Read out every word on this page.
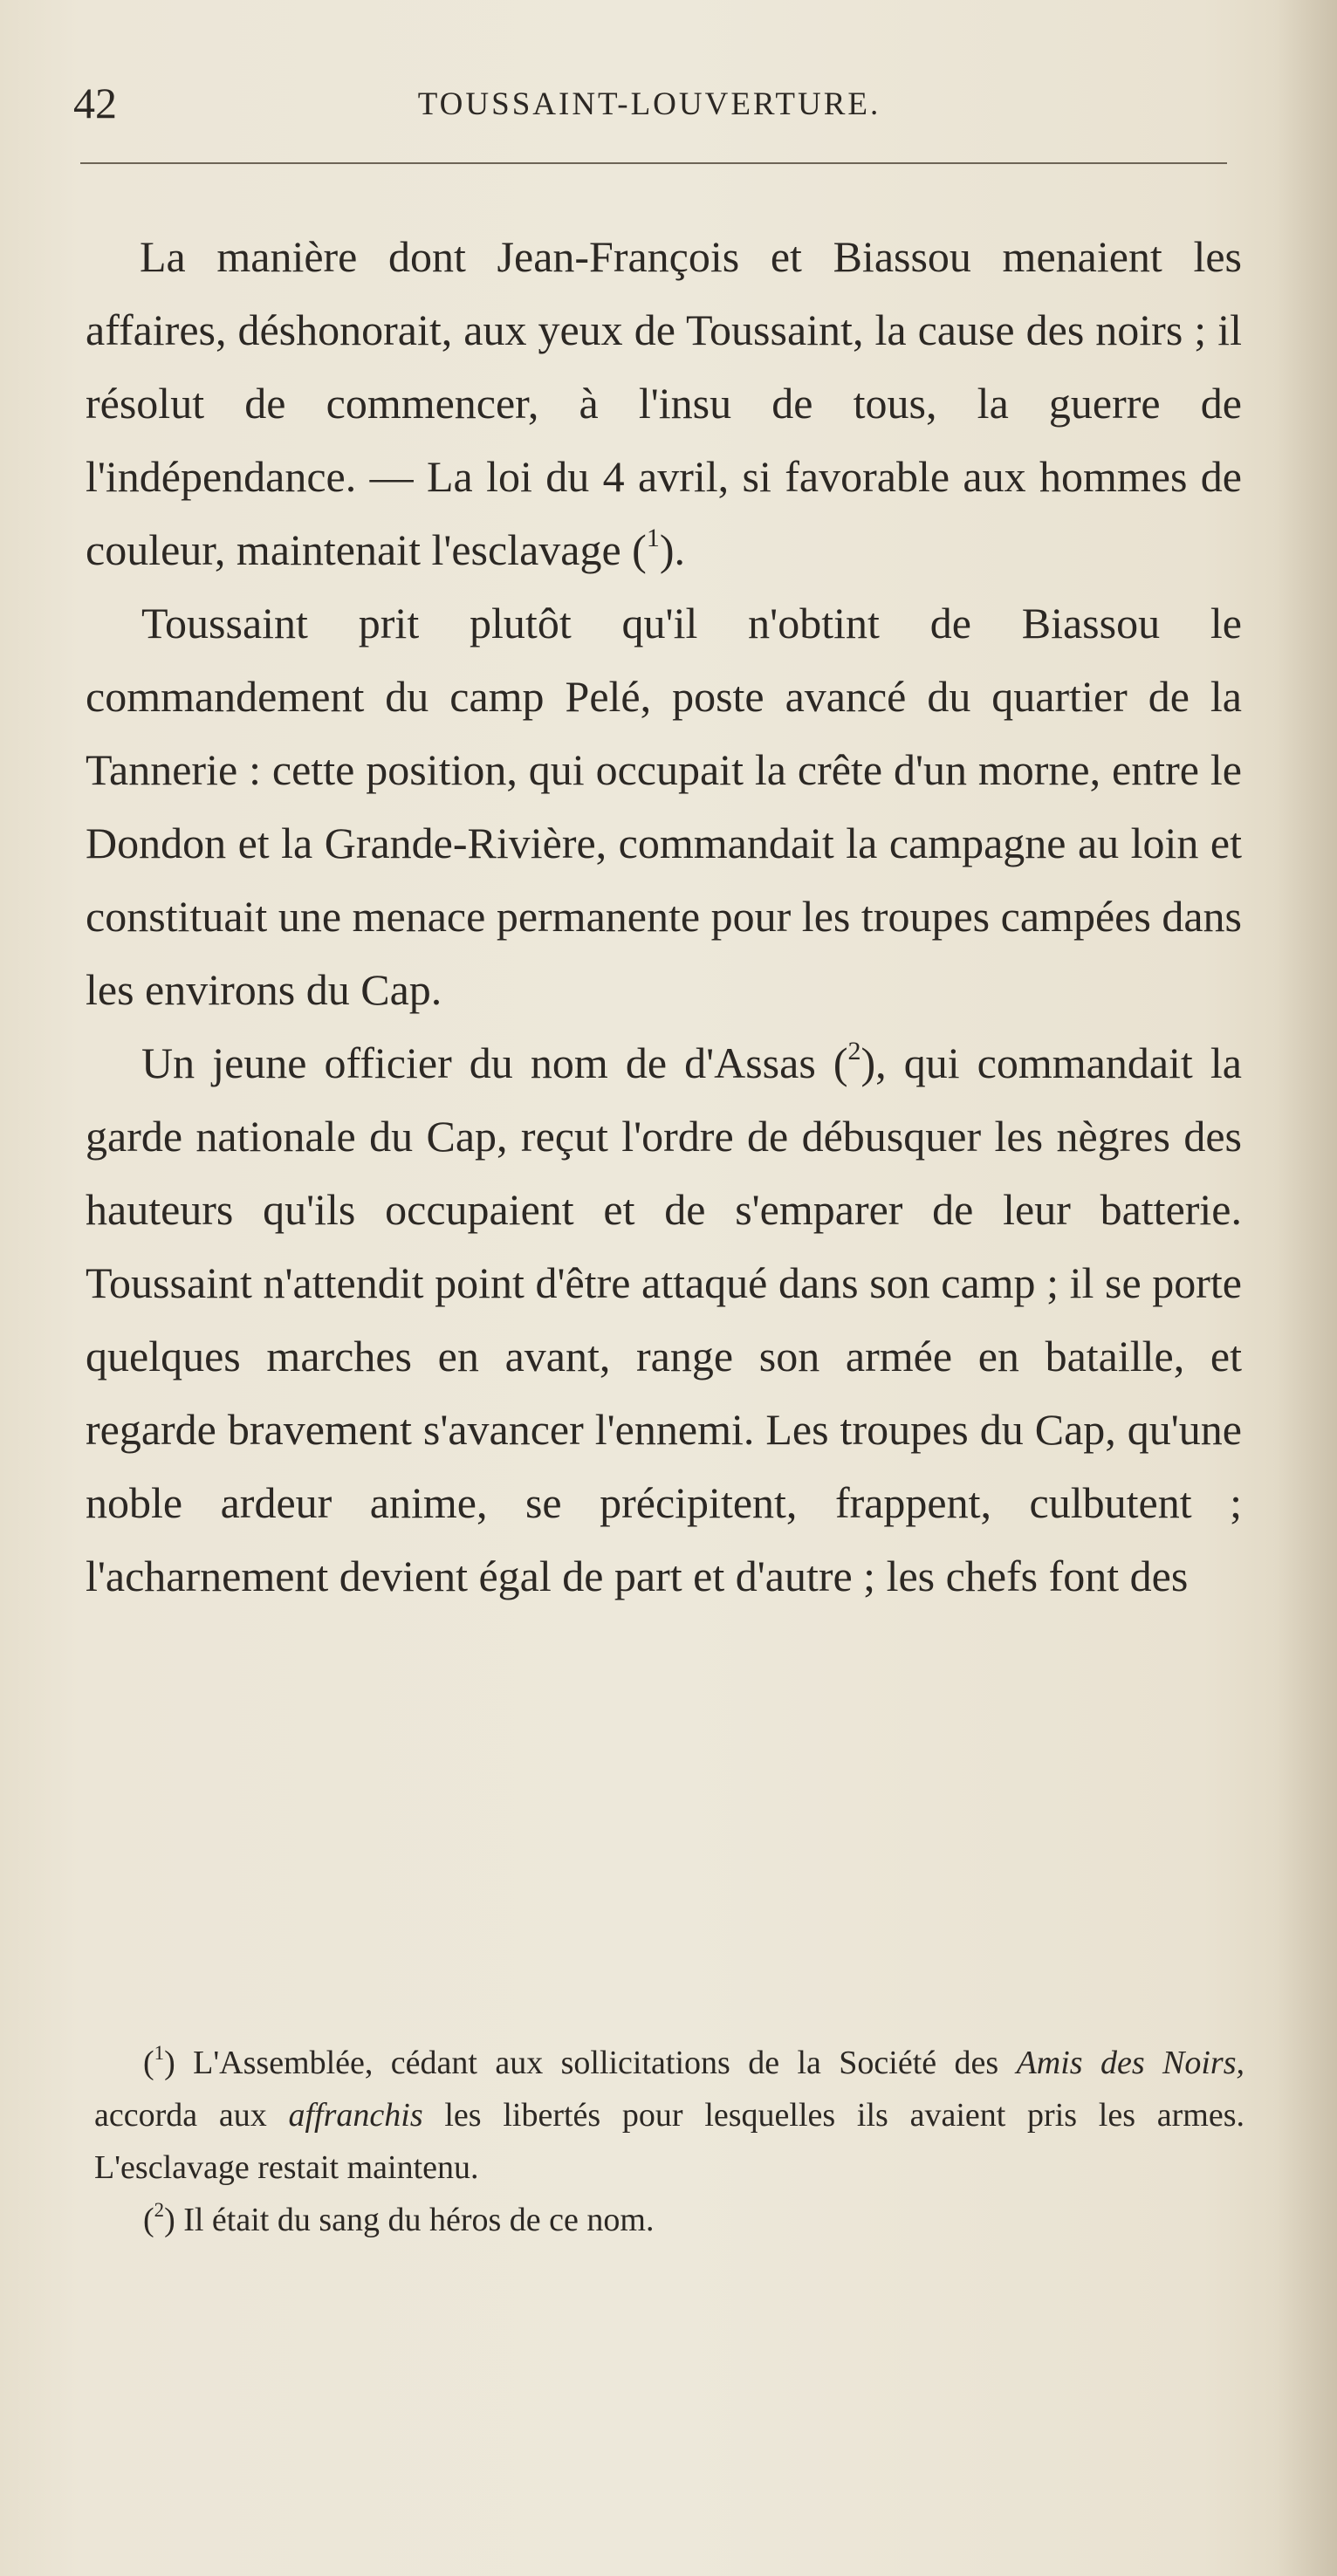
42	TOUSSAINT-LOUVERTURE.

La manière dont Jean-François et Biassou menaient les affaires, déshonorait, aux yeux de Toussaint, la cause des noirs ; il résolut de commencer, à l'insu de tous, la guerre de l'indépendance. — La loi du 4 avril, si favorable aux hommes de couleur, maintenait l'esclavage ($^1$).

Toussaint prit plutôt qu'il n'obtint de Biassou le commandement du camp Pelé, poste avancé du quartier de la Tannerie : cette position, qui occupait la crête d'un morne, entre le Dondon et la Grande-Rivière, commandait la campagne au loin et constituait une menace permanente pour les troupes campées dans les environs du Cap.

Un jeune officier du nom de d'Assas ($^2$), qui commandait la garde nationale du Cap, reçut l'ordre de débusquer les nègres des hauteurs qu'ils occupaient et de s'emparer de leur batterie. Toussaint n'attendit point d'être attaqué dans son camp ; il se porte quelques marches en avant, range son armée en bataille, et regarde bravement s'avancer l'ennemi. Les troupes du Cap, qu'une noble ardeur anime, se précipitent, frappent, culbutent ; l'acharnement devient égal de part et d'autre ; les chefs font des

($^1$) L'Assemblée, cédant aux sollicitations de la Société des Amis des Noirs, accorda aux affranchis les libertés pour lesquelles ils avaient pris les armes. L'esclavage restait maintenu.

($^2$) Il était du sang du héros de ce nom.
